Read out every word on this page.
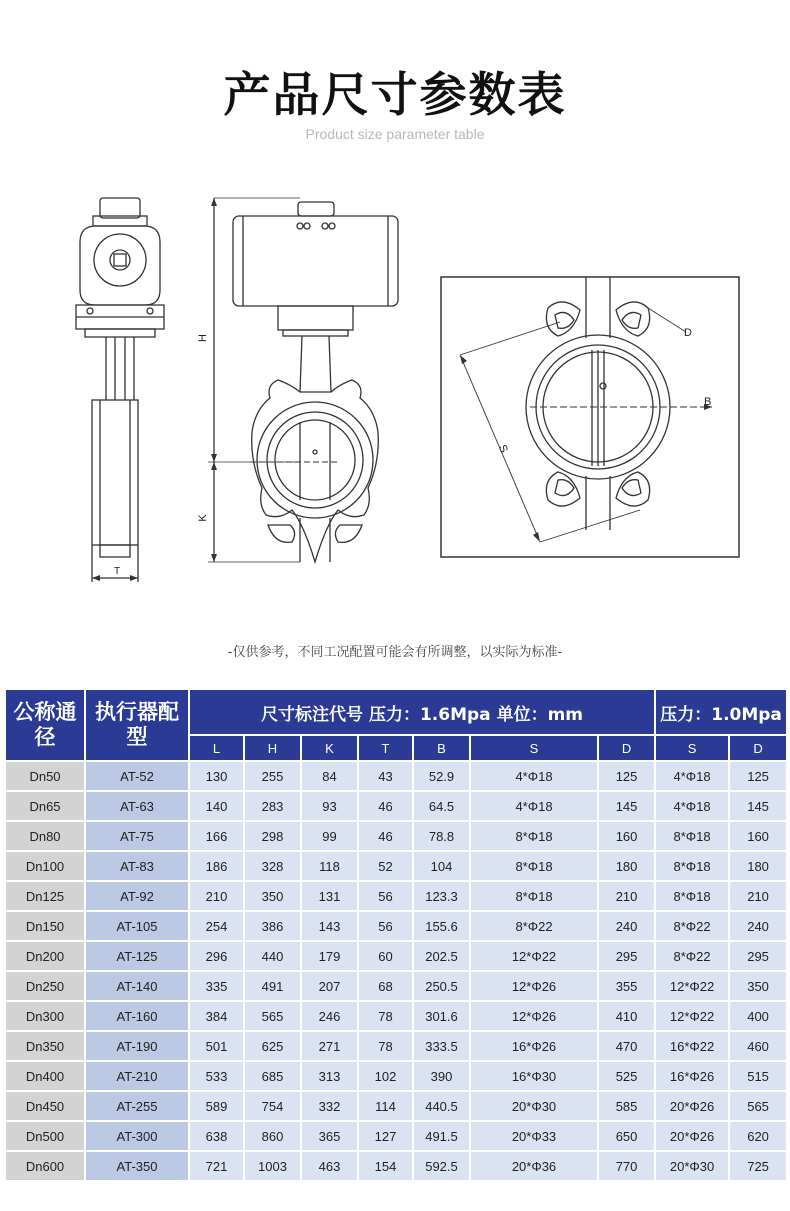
产品尺寸参数表
Product size parameter table
T
H
K
B
D
S
-仅供参考，不同工况配置可能会有所调整，以实际为标准-
公称通径	执行器配型	尺寸标注代号 压力：1.6Mpa 单位：mm							压力：1.0Mpa	
		L	H	K	T	B	S	D	S	D
Dn50	AT-52	130	255	84	43	52.9	4*Φ18	125	4*Φ18	125
Dn65	AT-63	140	283	93	46	64.5	4*Φ18	145	4*Φ18	145
Dn80	AT-75	166	298	99	46	78.8	8*Φ18	160	8*Φ18	160
Dn100	AT-83	186	328	118	52	104	8*Φ18	180	8*Φ18	180
Dn125	AT-92	210	350	131	56	123.3	8*Φ18	210	8*Φ18	210
Dn150	AT-105	254	386	143	56	155.6	8*Φ22	240	8*Φ22	240
Dn200	AT-125	296	440	179	60	202.5	12*Φ22	295	8*Φ22	295
Dn250	AT-140	335	491	207	68	250.5	12*Φ26	355	12*Φ22	350
Dn300	AT-160	384	565	246	78	301.6	12*Φ26	410	12*Φ22	400
Dn350	AT-190	501	625	271	78	333.5	16*Φ26	470	16*Φ22	460
Dn400	AT-210	533	685	313	102	390	16*Φ30	525	16*Φ26	515
Dn450	AT-255	589	754	332	114	440.5	20*Φ30	585	20*Φ26	565
Dn500	AT-300	638	860	365	127	491.5	20*Φ33	650	20*Φ26	620
Dn600	AT-350	721	1003	463	154	592.5	20*Φ36	770	20*Φ30	725
